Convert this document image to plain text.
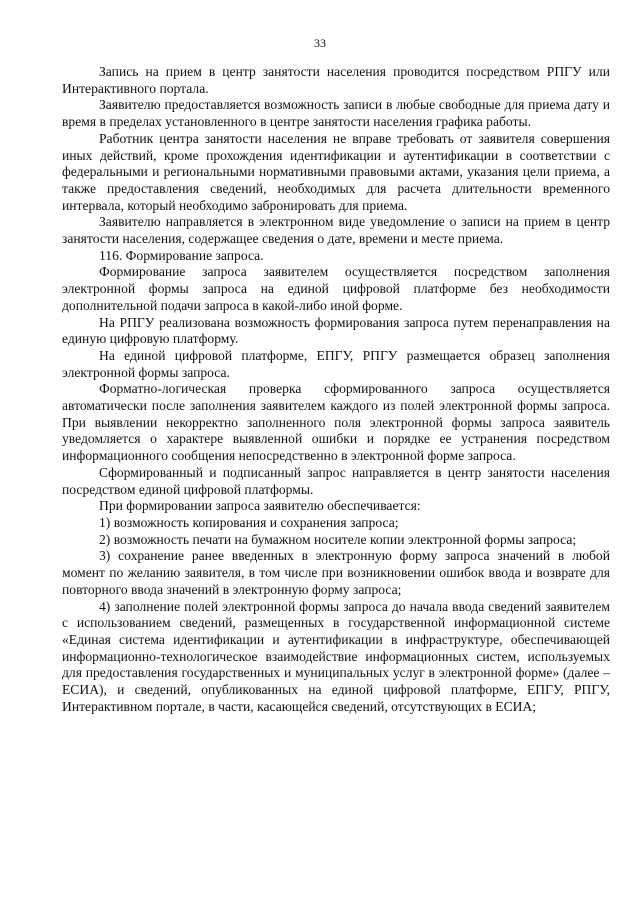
33

Запись на прием в центр занятости населения проводится посредством РПГУ или Интерактивного портала.

Заявителю предоставляется возможность записи в любые свободные для приема дату и время в пределах установленного в центре занятости населения графика работы.

Работник центра занятости населения не вправе требовать от заявителя совершения иных действий, кроме прохождения идентификации и аутентификации в соответствии с федеральными и региональными нормативными правовыми актами, указания цели приема, а также предоставления сведений, необходимых для расчета длительности временного интервала, который необходимо забронировать для приема.

Заявителю направляется в электронном виде уведомление о записи на прием в центр занятости населения, содержащее сведения о дате, времени и месте приема.

116. Формирование запроса.

Формирование запроса заявителем осуществляется посредством заполнения электронной формы запроса на единой цифровой платформе без необходимости дополнительной подачи запроса в какой-либо иной форме.

На РПГУ реализована возможность формирования запроса путем перенаправления на единую цифровую платформу.

На единой цифровой платформе, ЕПГУ, РПГУ размещается образец заполнения электронной формы запроса.

Форматно-логическая проверка сформированного запроса осуществляется автоматически после заполнения заявителем каждого из полей электронной формы запроса. При выявлении некорректно заполненного поля электронной формы запроса заявитель уведомляется о характере выявленной ошибки и порядке ее устранения посредством информационного сообщения непосредственно в электронной форме запроса.

Сформированный и подписанный запрос направляется в центр занятости населения посредством единой цифровой платформы.

При формировании запроса заявителю обеспечивается:

1) возможность копирования и сохранения запроса;

2) возможность печати на бумажном носителе копии электронной формы запроса;

3) сохранение ранее введенных в электронную форму запроса значений в любой момент по желанию заявителя, в том числе при возникновении ошибок ввода и возврате для повторного ввода значений в электронную форму запроса;

4) заполнение полей электронной формы запроса до начала ввода сведений заявителем с использованием сведений, размещенных в государственной информационной системе «Единая система идентификации и аутентификации в инфраструктуре, обеспечивающей информационно-технологическое взаимодействие информационных систем, используемых для предоставления государственных и муниципальных услуг в электронной форме» (далее – ЕСИА), и сведений, опубликованных на единой цифровой платформе, ЕПГУ, РПГУ, Интерактивном портале, в части, касающейся сведений, отсутствующих в ЕСИА;
